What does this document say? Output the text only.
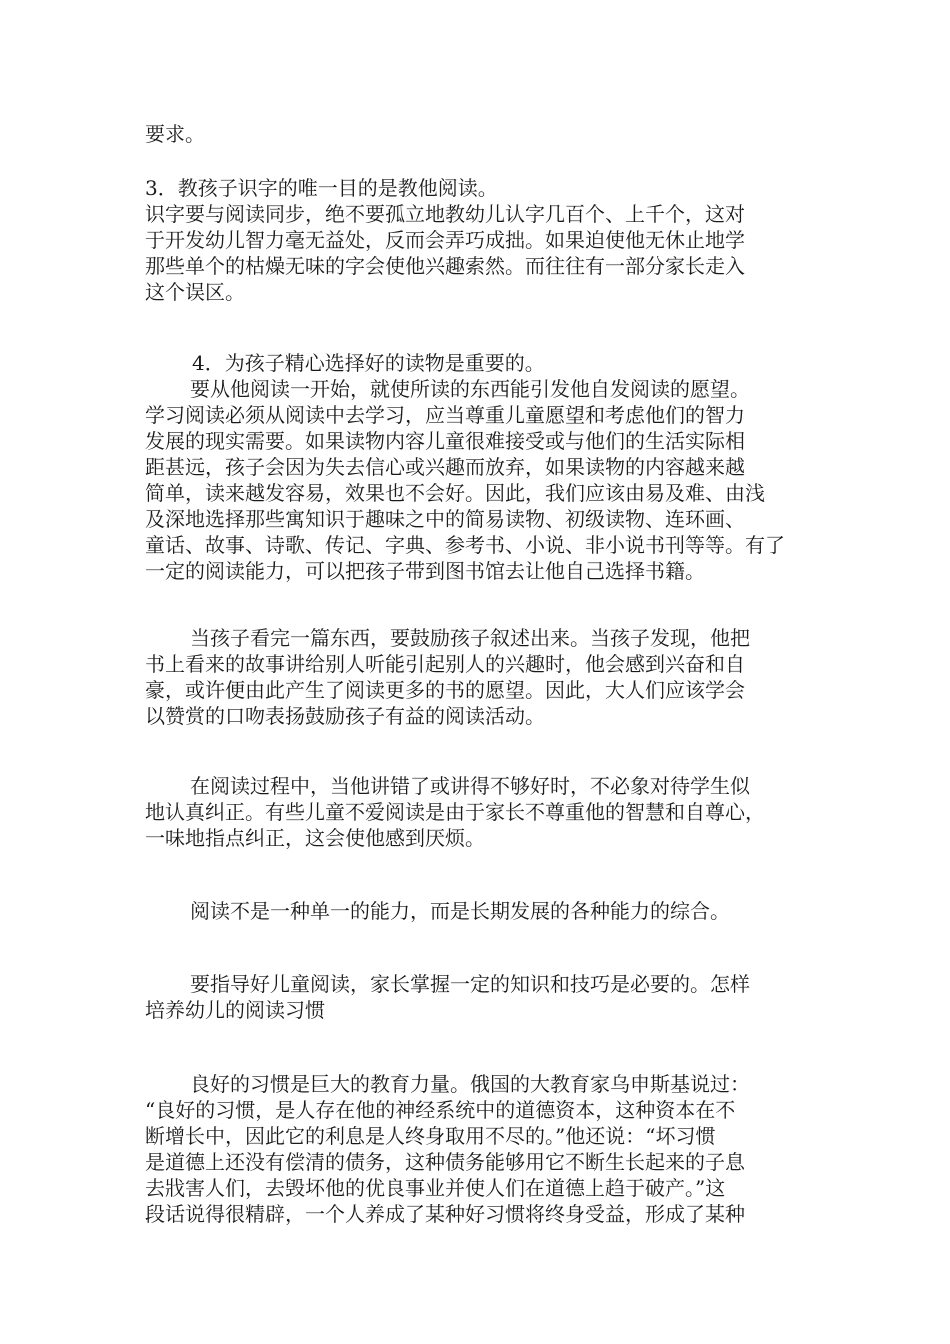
要求。
3．教孩子识字的唯一目的是教他阅读。
识字要与阅读同步，绝不要孤立地教幼儿认字几百个、上千个，这对
于开发幼儿智力毫无益处，反而会弄巧成拙。如果迫使他无休止地学
那些单个的枯燥无味的字会使他兴趣索然。而往往有一部分家长走入
这个误区。
4．为孩子精心选择好的读物是重要的。
要从他阅读一开始，就使所读的东西能引发他自发阅读的愿望。
学习阅读必须从阅读中去学习，应当尊重儿童愿望和考虑他们的智力
发展的现实需要。如果读物内容儿童很难接受或与他们的生活实际相
距甚远，孩子会因为失去信心或兴趣而放弃，如果读物的内容越来越
简单，读来越发容易，效果也不会好。因此，我们应该由易及难、由浅
及深地选择那些寓知识于趣味之中的简易读物、初级读物、连环画、
童话、故事、诗歌、传记、字典、参考书、小说、非小说书刊等等。有了
一定的阅读能力，可以把孩子带到图书馆去让他自己选择书籍。
当孩子看完一篇东西，要鼓励孩子叙述出来。当孩子发现，他把
书上看来的故事讲给别人听能引起别人的兴趣时，他会感到兴奋和自
豪，或许便由此产生了阅读更多的书的愿望。因此，大人们应该学会
以赞赏的口吻表扬鼓励孩子有益的阅读活动。
在阅读过程中，当他讲错了或讲得不够好时，不必象对待学生似
地认真纠正。有些儿童不爱阅读是由于家长不尊重他的智慧和自尊心，
一味地指点纠正，这会使他感到厌烦。
阅读不是一种单一的能力，而是长期发展的各种能力的综合。
要指导好儿童阅读，家长掌握一定的知识和技巧是必要的。怎样
培养幼儿的阅读习惯
良好的习惯是巨大的教育力量。俄国的大教育家乌申斯基说过：
“良好的习惯，是人存在他的神经系统中的道德资本，这种资本在不
断增长中，因此它的利息是人终身取用不尽的。”他还说：“坏习惯
是道德上还没有偿清的债务，这种债务能够用它不断生长起来的子息
去戕害人们，去毁坏他的优良事业并使人们在道德上趋于破产。”这
段话说得很精辟，一个人养成了某种好习惯将终身受益，形成了某种
